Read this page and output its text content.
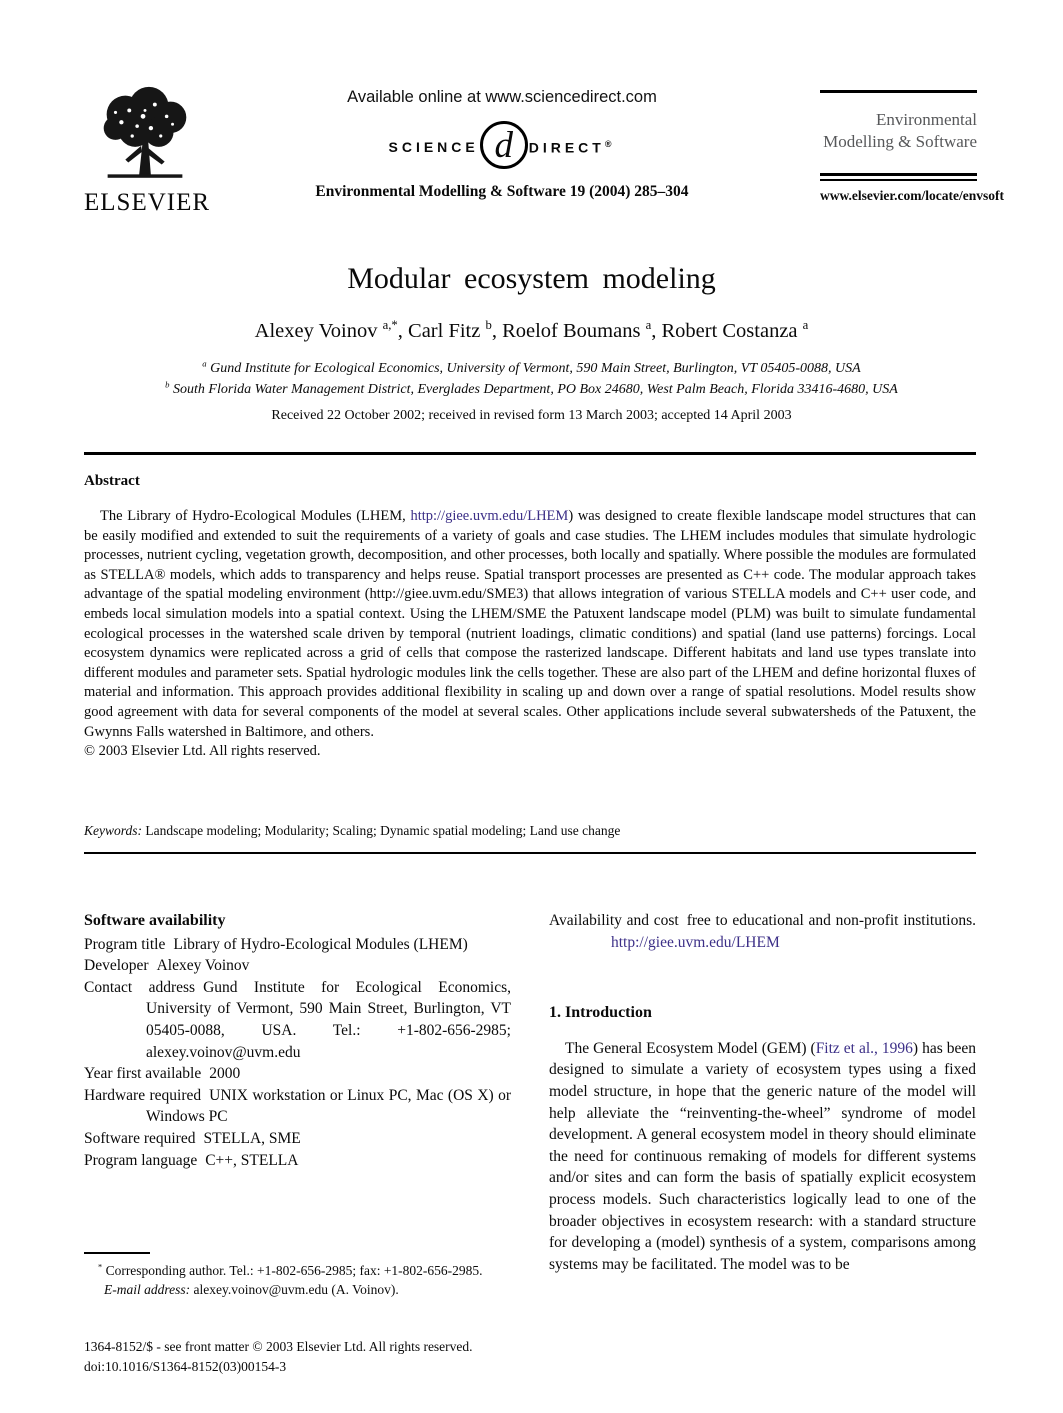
ELSEVIER
Available online at www.sciencedirect.com
SCIENCE d DIRECT®
Environmental Modelling & Software 19 (2004) 285–304
Environmental
Modelling & Software
www.elsevier.com/locate/envsoft
Modular ecosystem modeling
Alexey Voinov $^{a,*}$, Carl Fitz $^b$, Roelof Boumans $^a$, Robert Costanza $^a$
$^a$ Gund Institute for Ecological Economics, University of Vermont, 590 Main Street, Burlington, VT 05405-0088, USA
$^b$ South Florida Water Management District, Everglades Department, PO Box 24680, West Palm Beach, Florida 33416-4680, USA
Received 22 October 2002; received in revised form 13 March 2003; accepted 14 April 2003
Abstract
The Library of Hydro-Ecological Modules (LHEM, http://giee.uvm.edu/LHEM) was designed to create flexible landscape model structures that can be easily modified and extended to suit the requirements of a variety of goals and case studies. The LHEM includes modules that simulate hydrologic processes, nutrient cycling, vegetation growth, decomposition, and other processes, both locally and spatially. Where possible the modules are formulated as STELLA® models, which adds to transparency and helps reuse. Spatial transport processes are presented as C++ code. The modular approach takes advantage of the spatial modeling environment (http://giee.uvm.edu/SME3) that allows integration of various STELLA models and C++ user code, and embeds local simulation models into a spatial context. Using the LHEM/SME the Patuxent landscape model (PLM) was built to simulate fundamental ecological processes in the watershed scale driven by temporal (nutrient loadings, climatic conditions) and spatial (land use patterns) forcings. Local ecosystem dynamics were replicated across a grid of cells that compose the rasterized landscape. Different habitats and land use types translate into different modules and parameter sets. Spatial hydrologic modules link the cells together. These are also part of the LHEM and define horizontal fluxes of material and information. This approach provides additional flexibility in scaling up and down over a range of spatial resolutions. Model results show good agreement with data for several components of the model at several scales. Other applications include several subwatersheds of the Patuxent, the Gwynns Falls watershed in Baltimore, and others.
© 2003 Elsevier Ltd. All rights reserved.
Keywords: Landscape modeling; Modularity; Scaling; Dynamic spatial modeling; Land use change
Software availability
Program title Library of Hydro-Ecological Modules (LHEM)
Developer Alexey Voinov
Contact address Gund Institute for Ecological Economics, University of Vermont, 590 Main Street, Burlington, VT 05405-0088, USA. Tel.: +1-802-656-2985; alexey.voinov@uvm.edu
Year first available 2000
Hardware required UNIX workstation or Linux PC, Mac (OS X) or Windows PC
Software required STELLA, SME
Program language C++, STELLA
Availability and cost free to educational and non-profit institutions. http://giee.uvm.edu/LHEM
1. Introduction
The General Ecosystem Model (GEM) (Fitz et al., 1996) has been designed to simulate a variety of ecosystem types using a fixed model structure, in hope that the generic nature of the model will help alleviate the “reinventing-the-wheel” syndrome of model development. A general ecosystem model in theory should eliminate the need for continuous remaking of models for different systems and/or sites and can form the basis of spatially explicit ecosystem process models. Such characteristics logically lead to one of the broader objectives in ecosystem research: with a standard structure for developing a (model) synthesis of a system, comparisons among systems may be facilitated. The model was to be
* Corresponding author. Tel.: +1-802-656-2985; fax: +1-802-656-2985.
E-mail address: alexey.voinov@uvm.edu (A. Voinov).
1364-8152/$ - see front matter © 2003 Elsevier Ltd. All rights reserved.
doi:10.1016/S1364-8152(03)00154-3
